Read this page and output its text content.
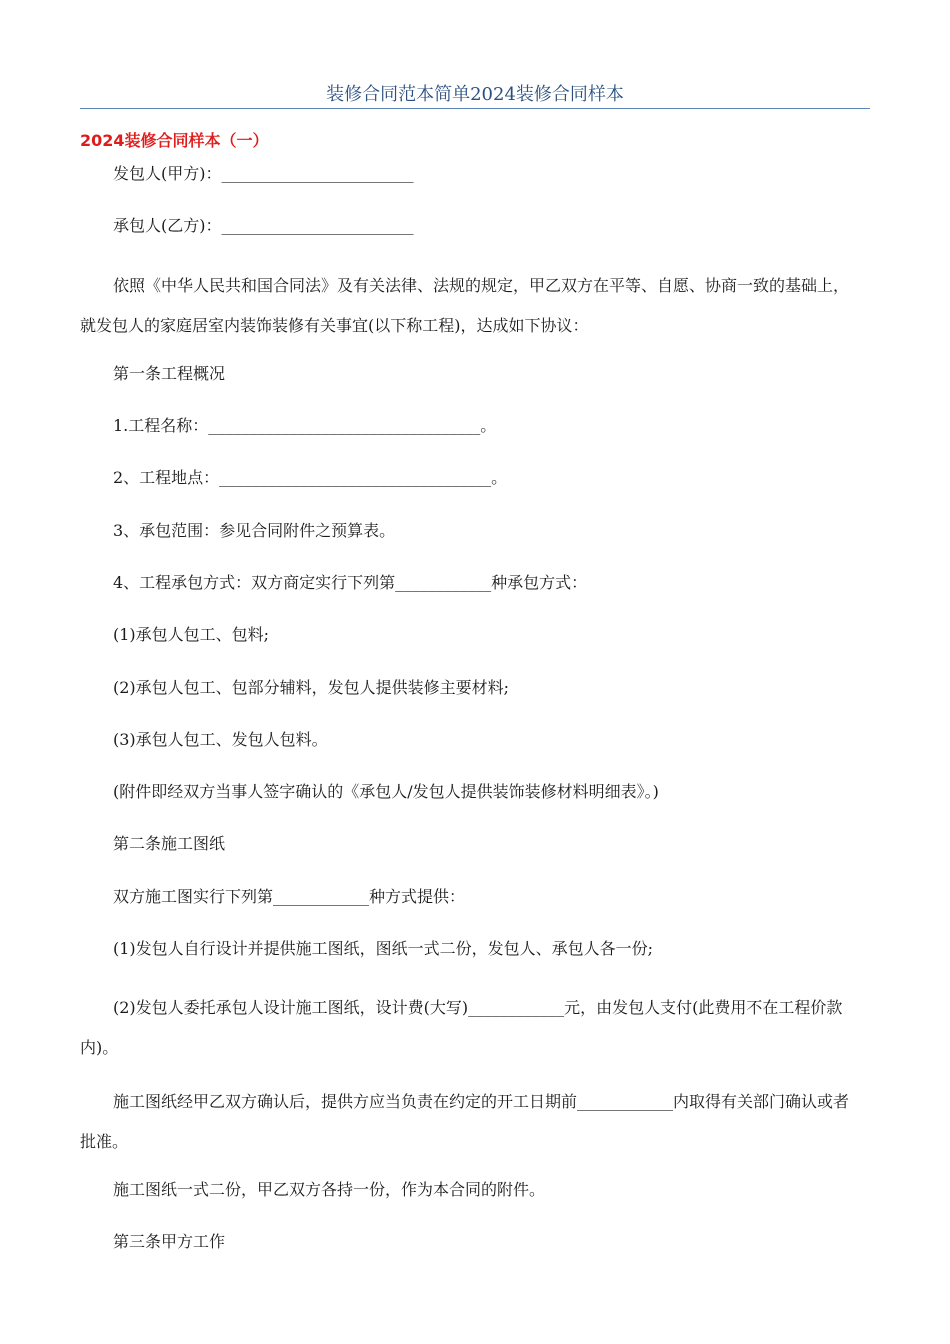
装修合同范本简单2024装修合同样本
2024装修合同样本（一）

发包人(甲方)：________________________

承包人(乙方)：________________________

依照《中华人民共和国合同法》及有关法律、法规的规定，甲乙双方在平等、自愿、协商一致的基础上，就发包人的家庭居室内装饰装修有关事宜(以下称工程)，达成如下协议：

第一条工程概况

1.工程名称：__________________________________。

2、工程地点：__________________________________。

3、承包范围：参见合同附件之预算表。

4、工程承包方式：双方商定实行下列第____________种承包方式：

(1)承包人包工、包料;

(2)承包人包工、包部分辅料，发包人提供装修主要材料;

(3)承包人包工、发包人包料。

(附件即经双方当事人签字确认的《承包人/发包人提供装饰装修材料明细表》。)

第二条施工图纸

双方施工图实行下列第____________种方式提供：

(1)发包人自行设计并提供施工图纸，图纸一式二份，发包人、承包人各一份;

(2)发包人委托承包人设计施工图纸，设计费(大写)____________元，由发包人支付(此费用不在工程价款内)。

施工图纸经甲乙双方确认后，提供方应当负责在约定的开工日期前____________内取得有关部门确认或者批准。

施工图纸一式二份，甲乙双方各持一份，作为本合同的附件。

第三条甲方工作
